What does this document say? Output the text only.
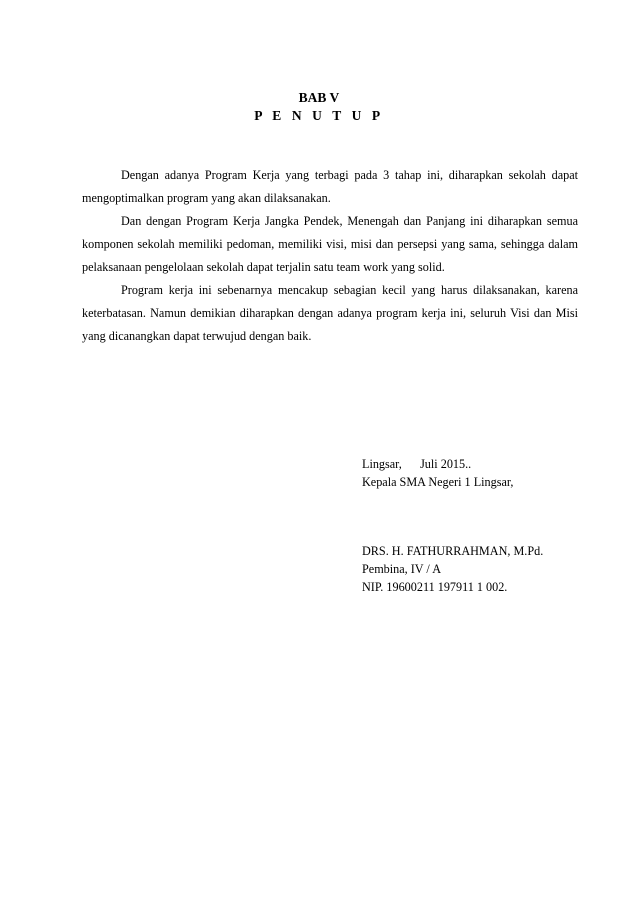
BAB V
P E N U T U P

Dengan adanya Program Kerja yang terbagi pada 3 tahap ini, diharapkan sekolah dapat mengoptimalkan program yang akan dilaksanakan.

Dan dengan Program Kerja Jangka Pendek, Menengah dan Panjang ini diharapkan semua komponen sekolah memiliki pedoman, memiliki visi, misi dan persepsi yang sama, sehingga dalam pelaksanaan pengelolaan sekolah dapat terjalin satu team work yang solid.

Program kerja ini sebenarnya mencakup sebagian kecil yang harus dilaksanakan, karena keterbatasan. Namun demikian diharapkan dengan adanya program kerja ini, seluruh Visi dan Misi yang dicanangkan dapat terwujud dengan baik.

Lingsar,      Juli 2015..
Kepala SMA Negeri 1 Lingsar,
DRS. H. FATHURRAHMAN, M.Pd.
Pembina, IV / A
NIP. 19600211 197911 1 002.
